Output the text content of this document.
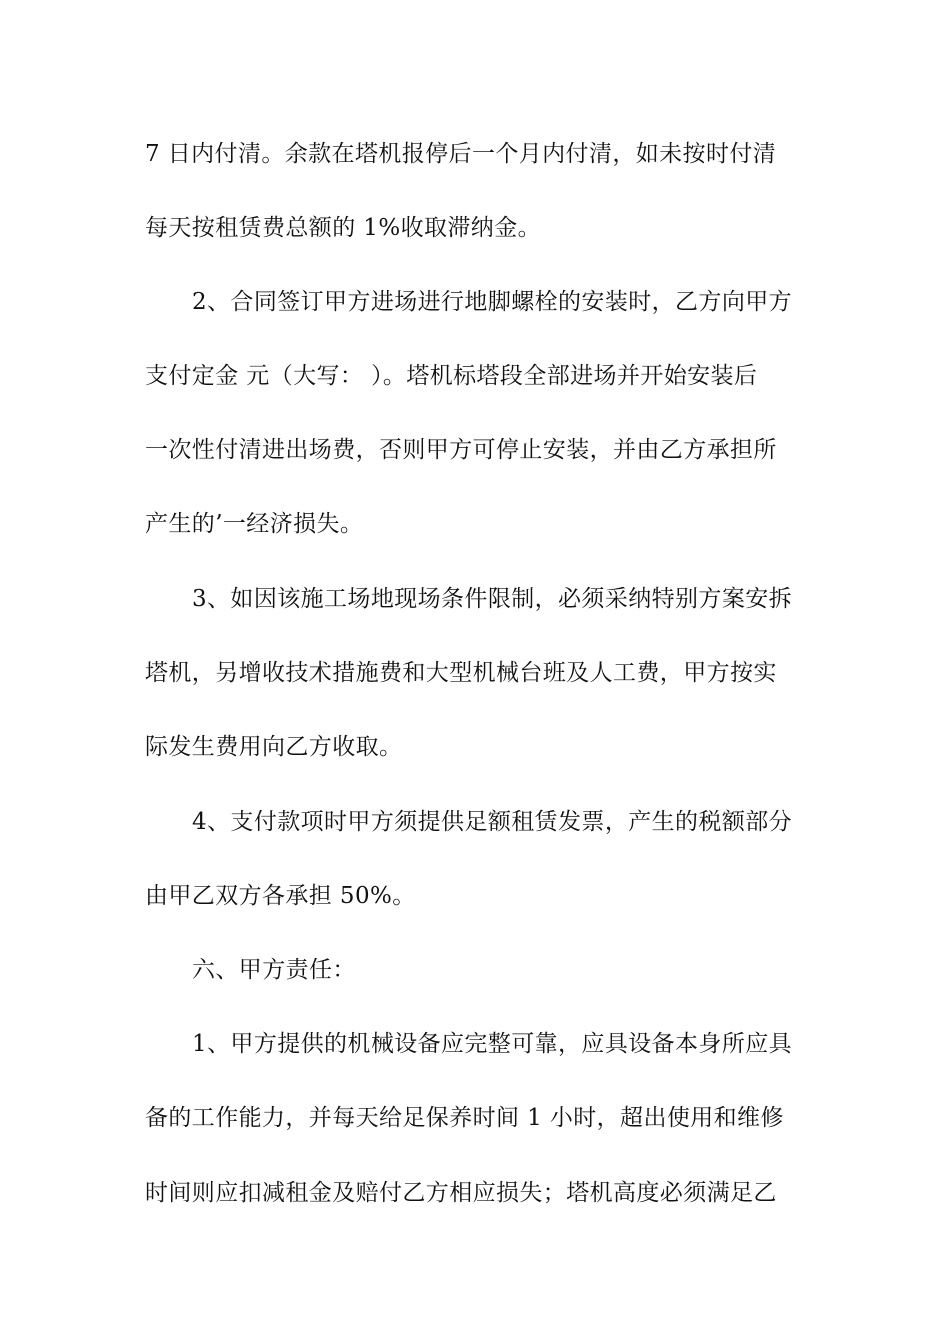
7 日内付清。余款在塔机报停后一个月内付清，如未按时付清
每天按租赁费总额的 1%收取滞纳金。
2、合同签订甲方进场进行地脚螺栓的安装时，乙方向甲方
支付定金 元（大写： ）。塔机标塔段全部进场并开始安装后
一次性付清进出场费，否则甲方可停止安装，并由乙方承担所
产生的’一经济损失。
3、如因该施工场地现场条件限制，必须采纳特别方案安拆
塔机，另增收技术措施费和大型机械台班及人工费，甲方按实
际发生费用向乙方收取。
4、支付款项时甲方须提供足额租赁发票，产生的税额部分
由甲乙双方各承担 50%。
六、甲方责任：
1、甲方提供的机械设备应完整可靠，应具设备本身所应具
备的工作能力，并每天给足保养时间 1 小时，超出使用和维修
时间则应扣减租金及赔付乙方相应损失；塔机高度必须满足乙
